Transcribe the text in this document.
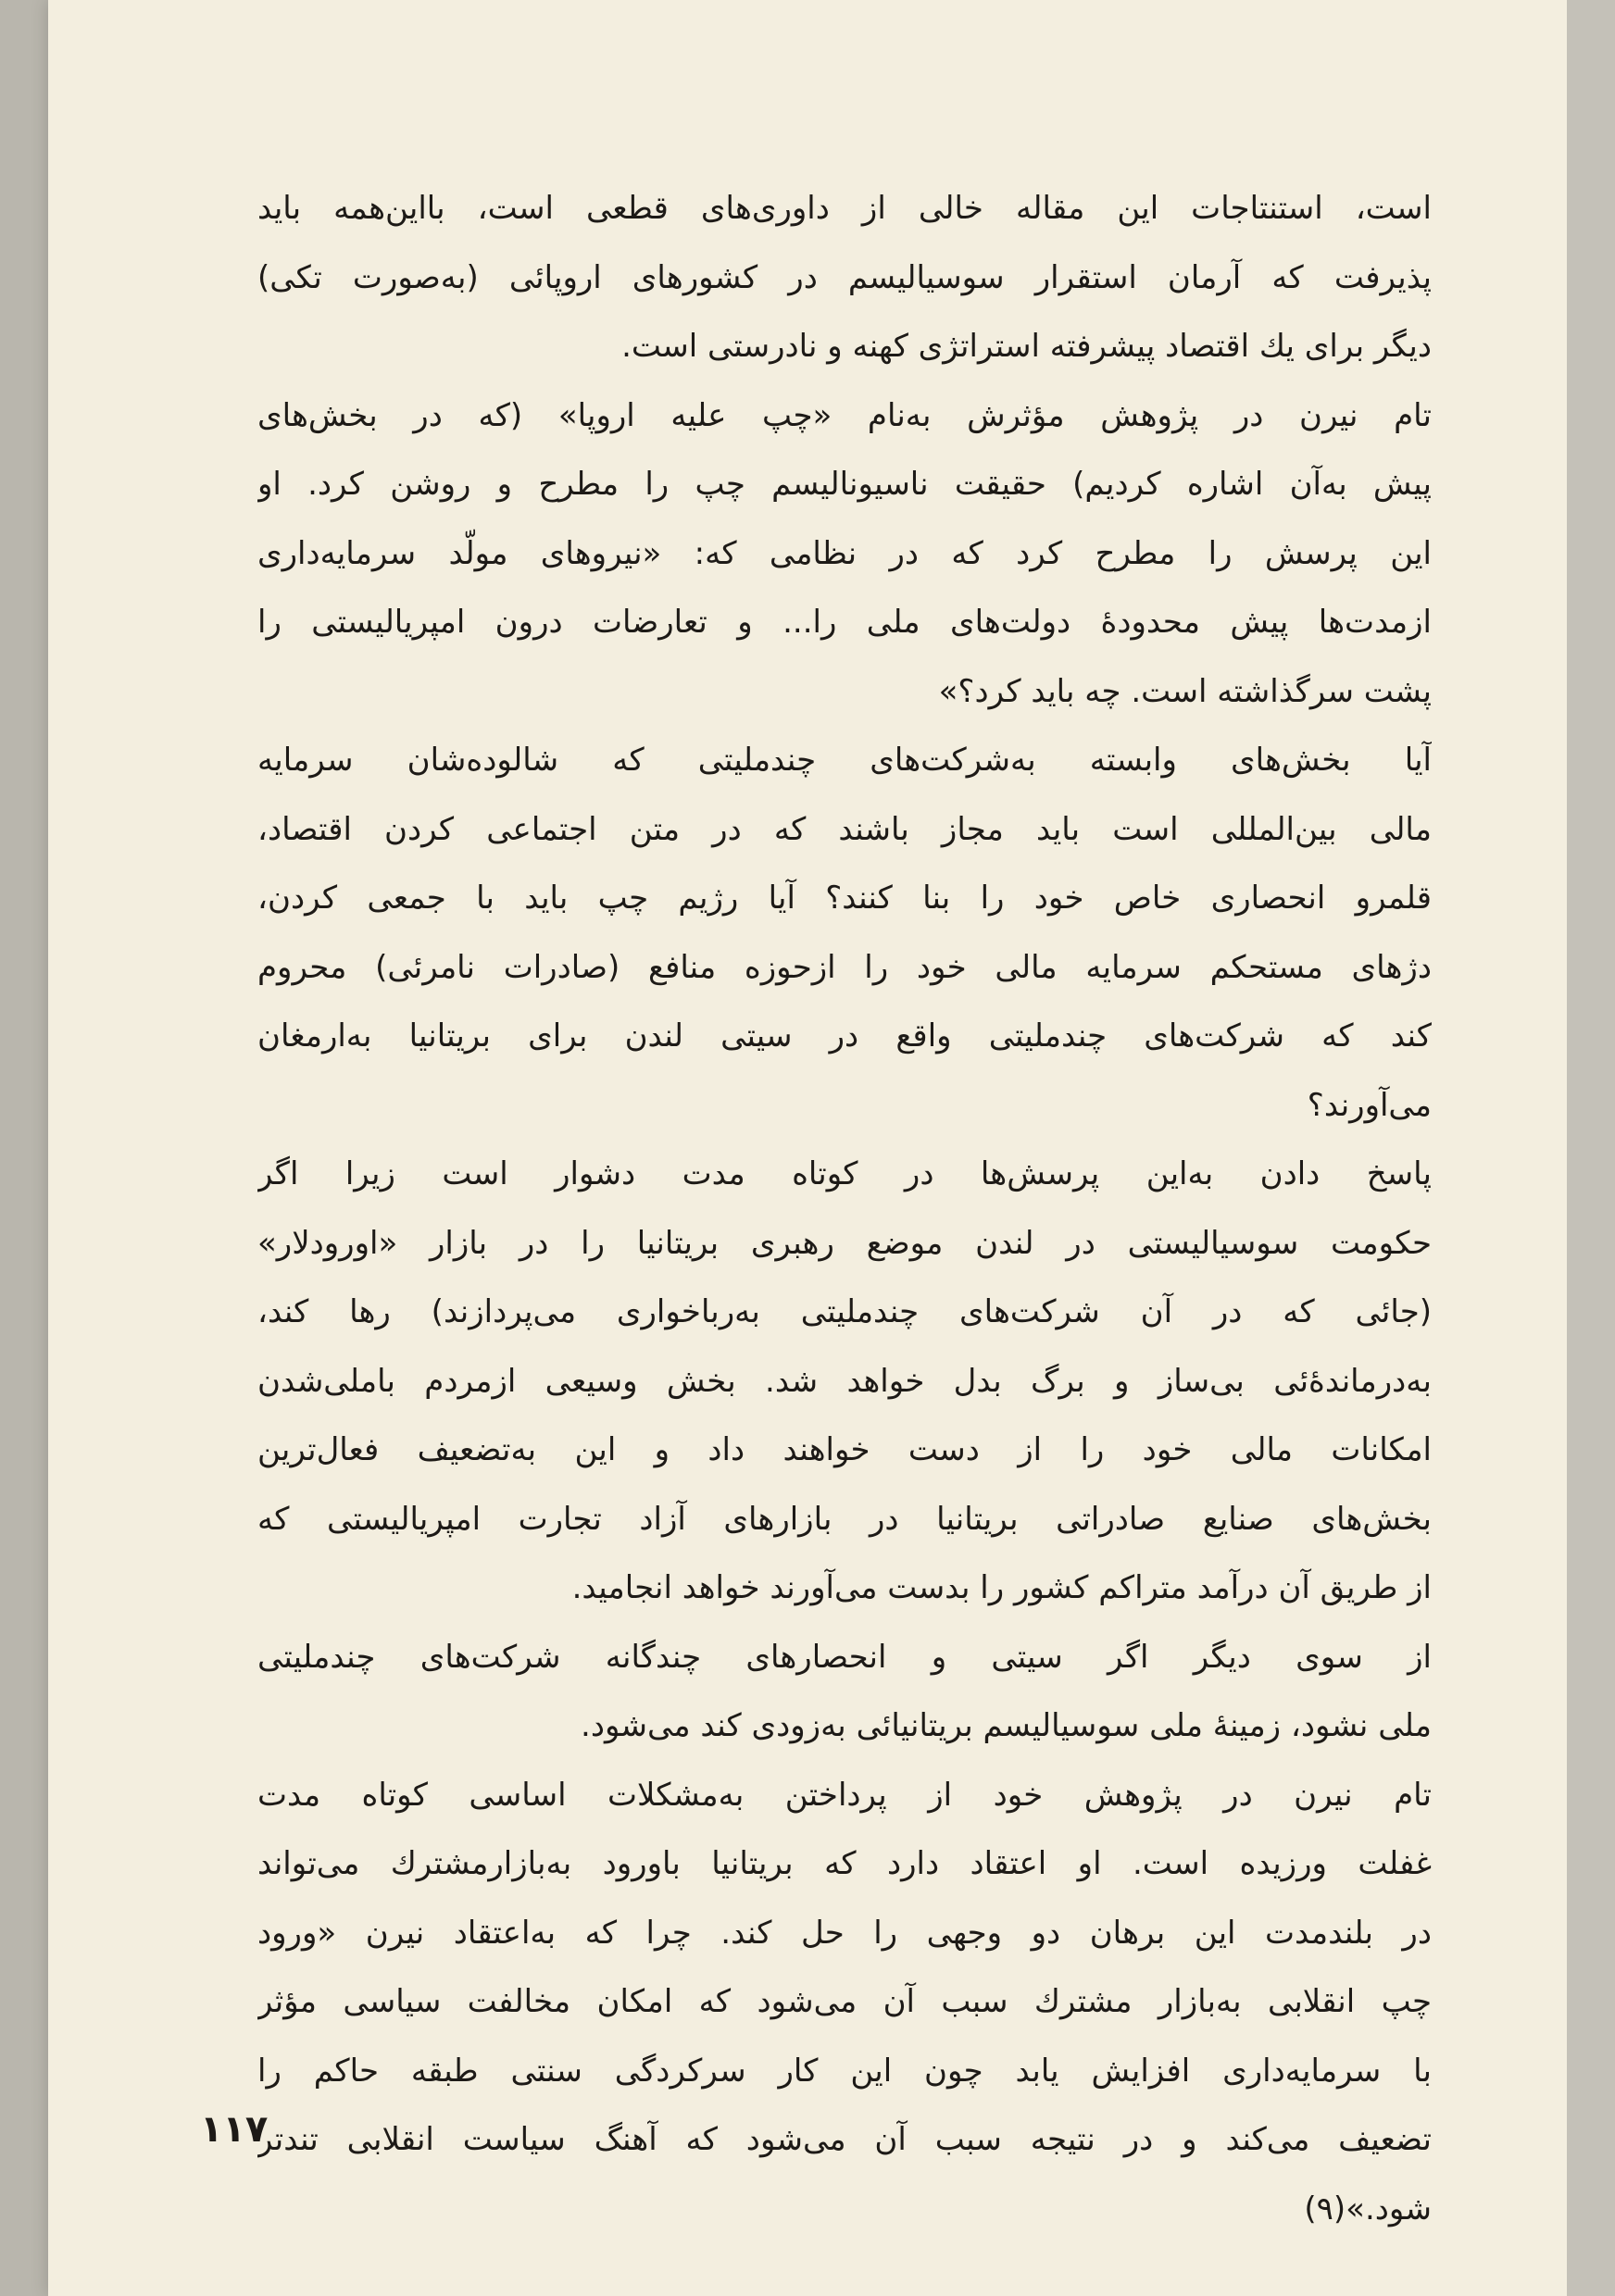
است، استنتاجات این مقاله خالی از داوری‌های قطعی است، بااین‌همه باید
پذیرفت که آرمان استقرار سوسیالیسم در کشورهای اروپائی (به‌صورت تکی)
دیگر برای یك اقتصاد پیشرفته استراتژی کهنه و نادرستی است.
تام نیرن در پژوهش مؤثرش به‌نام «چپ علیه اروپا» (که در بخش‌های
پیش به‌آن اشاره کردیم) حقیقت ناسیونالیسم چپ را مطرح و روشن کرد. او
این پرسش را مطرح کرد که در نظامی که: «نیروهای مولّد سرمایه‌داری
ازمدت‌ها پیش محدودهٔ دولت‌های ملی را... و تعارضات درون امپریالیستی را
پشت سرگذاشته است. چه باید کرد؟»
آیا بخش‌های وابسته به‌شرکت‌های چندملیتی که شالوده‌شان سرمایه
مالی بین‌المللی است باید مجاز باشند که در متن اجتماعی کردن اقتصاد،
قلمرو انحصاری خاص خود را بنا کنند؟ آیا رژیم چپ باید با جمعی کردن،
دژهای مستحکم سرمایه مالی خود را ازحوزه منافع (صادرات نامرئی) محروم
کند که شرکت‌های چندملیتی واقع در سیتی لندن برای بریتانیا به‌ارمغان
می‌آورند؟
پاسخ دادن به‌این پرسش‌ها در کوتاه مدت دشوار است زیرا اگر
حکومت سوسیالیستی در لندن موضع رهبری بریتانیا را در بازار «اورودلار»
(جائی که در آن شرکت‌های چندملیتی به‌رباخواری می‌پردازند) رها کند،
به‌درماندهٔ‌ئی بی‌ساز و برگ بدل خواهد شد. بخش وسیعی ازمردم باملی‌شدن
امکانات مالی خود را از دست خواهند داد و این به‌تضعیف فعال‌ترین
بخش‌های صنایع صادراتی بریتانیا در بازارهای آزاد تجارت امپریالیستی که
از طریق آن درآمد متراکم کشور را بدست می‌آورند خواهد انجامید.
از سوی دیگر اگر سیتی و انحصارهای چندگانه شرکت‌های چندملیتی
ملی نشود، زمینهٔ ملی سوسیالیسم بریتانیائی به‌زودی کند می‌شود.
تام نیرن در پژوهش خود از پرداختن به‌مشکلات اساسی کوتاه مدت
غفلت ورزیده است. او اعتقاد دارد که بریتانیا باورود به‌بازارمشترك می‌تواند
در بلندمدت این برهان دو وجهی را حل کند. چرا که به‌اعتقاد نیرن «ورود
چپ انقلابی به‌بازار مشترك سبب آن می‌شود که امکان مخالفت سیاسی مؤثر
با سرمایه‌داری افزایش یابد چون این کار سرکردگی سنتی طبقه حاکم را
تضعیف می‌کند و در نتیجه سبب آن می‌شود که آهنگ سیاست انقلابی تندتر
شود.»(۹)
۱۱۷
